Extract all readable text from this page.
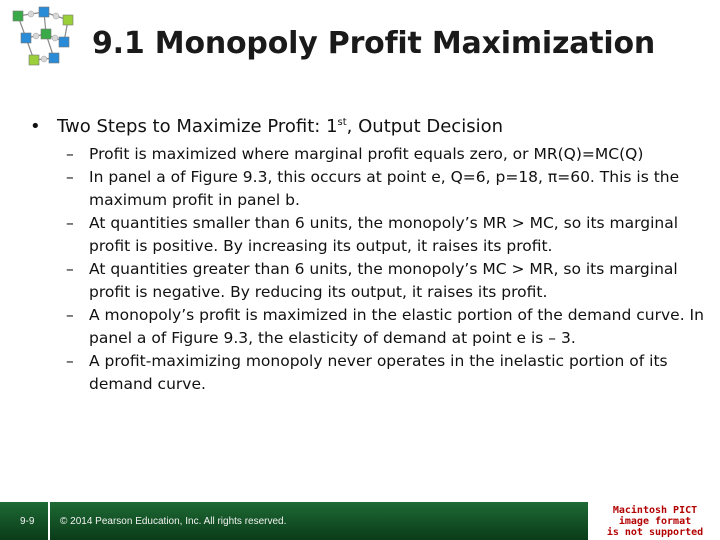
9.1 Monopoly Profit Maximization
• Two Steps to Maximize Profit: 1st, Output Decision
– Profit is maximized where marginal profit equals zero, or MR(Q)=MC(Q)
– In panel a of Figure 9.3, this occurs at point e, Q=6, p=18, π=60. This is the maximum profit in panel b.
– At quantities smaller than 6 units, the monopoly’s MR > MC, so its marginal profit is positive. By increasing its output, it raises its profit.
– At quantities greater than 6 units, the monopoly’s MC > MR, so its marginal profit is negative. By reducing its output, it raises its profit.
– A monopoly’s profit is maximized in the elastic portion of the demand curve. In panel a of Figure 9.3, the elasticity of demand at point e is – 3.
– A profit-maximizing monopoly never operates in the inelastic portion of its demand curve.
9-9	© 2014 Pearson Education, Inc. All rights reserved.
Macintosh PICT
image format
is not supported
